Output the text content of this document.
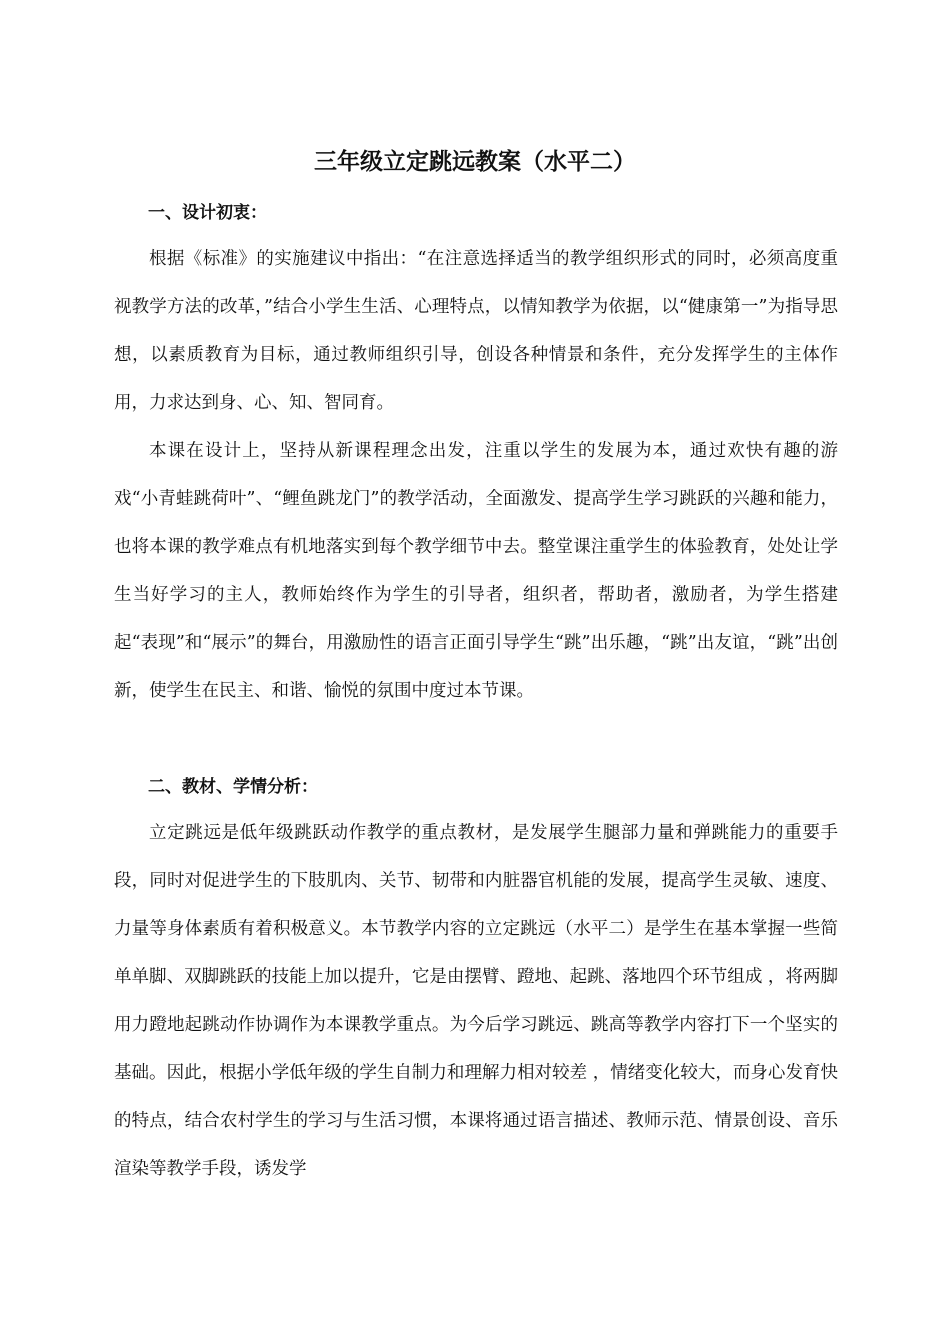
三年级立定跳远教案（水平二）
一、设计初衷：

根据《标准》的实施建议中指出：“在注意选择适当的教学组织形式的同时，必须高度重视教学方法的改革，”结合小学生生活、心理特点，以情知教学为依据，以“健康第一”为指导思想，以素质教育为目标，通过教师组织引导，创设各种情景和条件，充分发挥学生的主体作用，力求达到身、心、知、智同育。

本课在设计上，坚持从新课程理念出发，注重以学生的发展为本，通过欢快有趣的游戏“小青蛙跳荷叶”、“鲤鱼跳龙门”的教学活动，全面激发、提高学生学习跳跃的兴趣和能力，也将本课的教学难点有机地落实到每个教学细节中去。整堂课注重学生的体验教育，处处让学生当好学习的主人，教师始终作为学生的引导者，组织者，帮助者，激励者，为学生搭建起“表现”和“展示”的舞台，用激励性的语言正面引导学生“跳”出乐趣，“跳”出友谊，“跳”出创新，使学生在民主、和谐、愉悦的氛围中度过本节课。

二、教材、学情分析：

立定跳远是低年级跳跃动作教学的重点教材，是发展学生腿部力量和弹跳能力的重要手段，同时对促进学生的下肢肌肉、关节、韧带和内脏器官机能的发展，提高学生灵敏、速度、力量等身体素质有着积极意义。本节教学内容的立定跳远（水平二）是学生在基本掌握一些简单单脚、双脚跳跃的技能上加以提升，它是由摆臂、蹬地、起跳、落地四个环节组成 ，将两脚用力蹬地起跳动作协调作为本课教学重点。为今后学习跳远、跳高等教学内容打下一个坚实的基础。因此，根据小学低年级的学生自制力和理解力相对较差 ，情绪变化较大，而身心发育快的特点，结合农村学生的学习与生活习惯，本课将通过语言描述、教师示范、情景创设、音乐渲染等教学手段，诱发学
